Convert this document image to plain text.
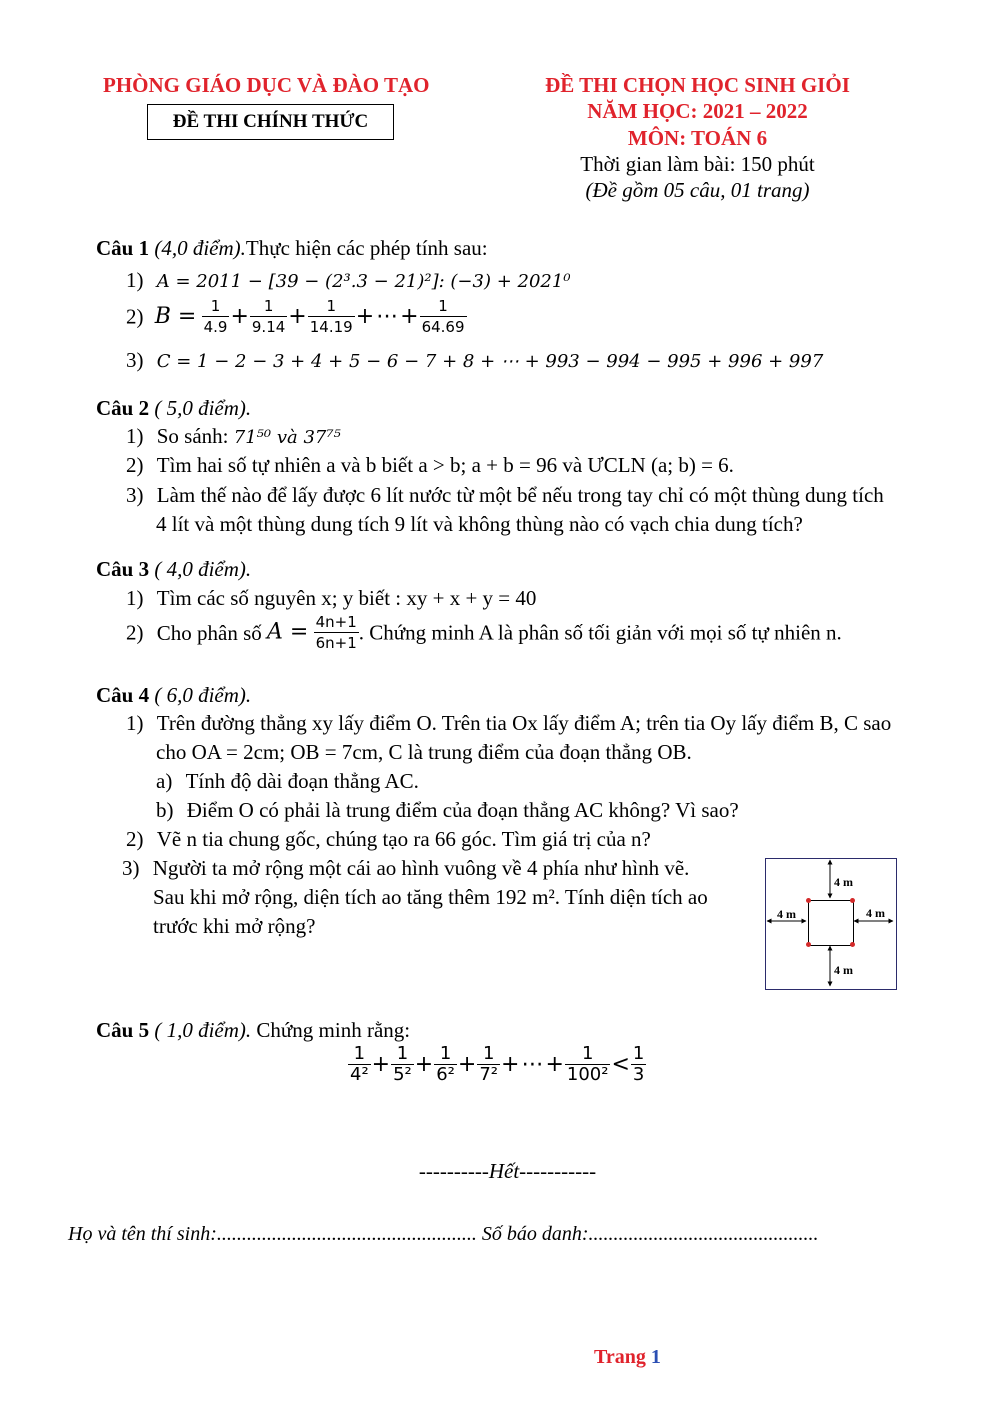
PHÒNG GIÁO DỤC VÀ ĐÀO TẠO
ĐỀ THI CHÍNH THỨC
ĐỀ THI CHỌN HỌC SINH GIỎI
NĂM HỌC: 2021 – 2022
MÔN: TOÁN 6
Thời gian làm bài: 150 phút
(Đề gồm 05 câu, 01 trang)
Câu 1 (4,0 điểm).Thực hiện các phép tính sau:
1) A = 2011 − [39 − (2³.3 − 21)²]: (−3) + 2021⁰
2) $B = \frac{1}{4.9} + \frac{1}{9.14} + \frac{1}{14.19}$ +⋯+ $\frac{1}{64.69}$
3) C = 1 − 2 − 3 + 4 + 5 − 6 − 7 + 8 + ⋯ + 993 − 994 − 995 + 996 + 997
Câu 2 ( 5,0 điểm).
1) So sánh: 71⁵⁰ và 37⁷⁵
2) Tìm hai số tự nhiên a và b biết a > b; a + b = 96 và ƯCLN (a; b) = 6.
3) Làm thế nào để lấy được 6 lít nước từ một bể nếu trong tay chỉ có một thùng dung tích
4 lít và một thùng dung tích 9 lít và không thùng nào có vạch chia dung tích?
Câu 3 ( 4,0 điểm).
1) Tìm các số nguyên x; y biết : xy + x + y = 40
2) Cho phân số $A = \frac{4n+1}{6n+1}$ . Chứng minh A là phân số tối giản với mọi số tự nhiên n.
Câu 4 ( 6,0 điểm).
1) Trên đường thẳng xy lấy điểm O. Trên tia Ox lấy điểm A; trên tia Oy lấy điểm B, C sao
cho OA = 2cm; OB = 7cm, C là trung điểm của đoạn thẳng OB.
a) Tính độ dài đoạn thẳng AC.
b) Điểm O có phải là trung điểm của đoạn thẳng AC không? Vì sao?
2) Vẽ n tia chung gốc, chúng tạo ra 66 góc. Tìm giá trị của n?
3) Người ta mở rộng một cái ao hình vuông về 4 phía như hình vẽ.
Sau khi mở rộng, diện tích ao tăng thêm 192 m². Tính diện tích ao
trước khi mở rộng?
4 m
4 m	4 m
4 m
Câu 5 ( 1,0 điểm). Chứng minh rằng:
$\frac{1}{\text{4²}} + \frac{1}{\text{5²}} + \frac{1}{\text{6²}} + \frac{1}{\text{7²}}$ +⋯+ $\frac{1}{\text{100²}} < \frac{1}{3}$
----------Hết-----------
Họ và tên thí sinh:.................................................... Số báo danh:..............................................
Trang 1
